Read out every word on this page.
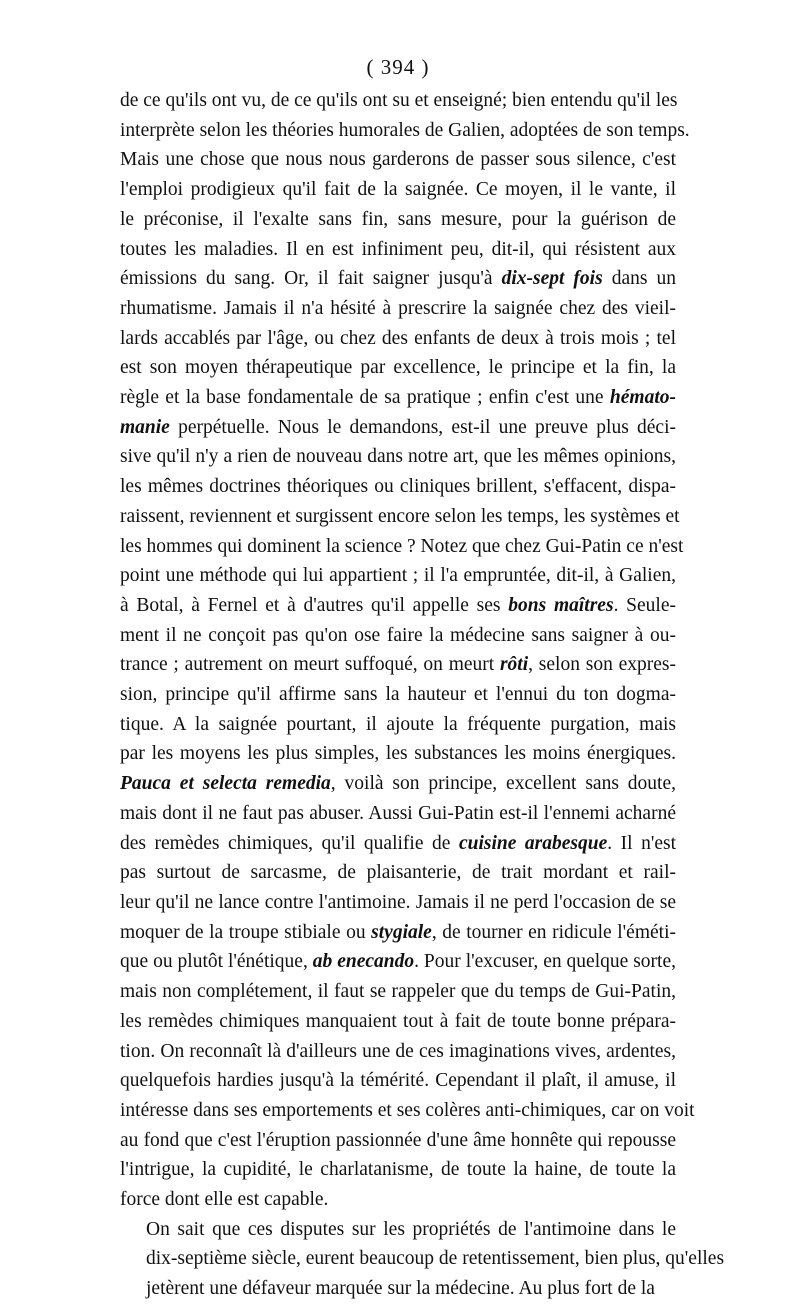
( 394 )
de ce qu'ils ont vu, de ce qu'ils ont su et enseigné; bien entendu qu'il les
interprète selon les théories humorales de Galien, adoptées de son temps.
Mais une chose que nous nous garderons de passer sous silence, c'est
l'emploi prodigieux qu'il fait de la saignée. Ce moyen, il le vante, il
le préconise, il l'exalte sans fin, sans mesure, pour la guérison de
toutes les maladies. Il en est infiniment peu, dit-il, qui résistent aux
émissions du sang. Or, il fait saigner jusqu'à dix-sept fois dans un
rhumatisme. Jamais il n'a hésité à prescrire la saignée chez des vieil-
lards accablés par l'âge, ou chez des enfants de deux à trois mois ; tel
est son moyen thérapeutique par excellence, le principe et la fin, la
règle et la base fondamentale de sa pratique ; enfin c'est une hémato-
manie perpétuelle. Nous le demandons, est-il une preuve plus déci-
sive qu'il n'y a rien de nouveau dans notre art, que les mêmes opinions,
les mêmes doctrines théoriques ou cliniques brillent, s'effacent, dispa-
raissent, reviennent et surgissent encore selon les temps, les systèmes et
les hommes qui dominent la science ? Notez que chez Gui-Patin ce n'est
point une méthode qui lui appartient ; il l'a empruntée, dit-il, à Galien,
à Botal, à Fernel et à d'autres qu'il appelle ses bons maîtres. Seule-
ment il ne conçoit pas qu'on ose faire la médecine sans saigner à ou-
trance ; autrement on meurt suffoqué, on meurt rôti, selon son expres-
sion, principe qu'il affirme sans la hauteur et l'ennui du ton dogma-
tique. A la saignée pourtant, il ajoute la fréquente purgation, mais
par les moyens les plus simples, les substances les moins énergiques.
Pauca et selecta remedia, voilà son principe, excellent sans doute,
mais dont il ne faut pas abuser. Aussi Gui-Patin est-il l'ennemi acharné
des remèdes chimiques, qu'il qualifie de cuisine arabesque. Il n'est
pas surtout de sarcasme, de plaisanterie, de trait mordant et rail-
leur qu'il ne lance contre l'antimoine. Jamais il ne perd l'occasion de se
moquer de la troupe stibiale ou stygiale, de tourner en ridicule l'éméti-
que ou plutôt l'énétique, ab enecando. Pour l'excuser, en quelque sorte,
mais non complétement, il faut se rappeler que du temps de Gui-Patin,
les remèdes chimiques manquaient tout à fait de toute bonne prépara-
tion. On reconnaît là d'ailleurs une de ces imaginations vives, ardentes,
quelquefois hardies jusqu'à la témérité. Cependant il plaît, il amuse, il
intéresse dans ses emportements et ses colères anti-chimiques, car on voit
au fond que c'est l'éruption passionnée d'une âme honnête qui repousse
l'intrigue, la cupidité, le charlatanisme, de toute la haine, de toute la
force dont elle est capable.
On sait que ces disputes sur les propriétés de l'antimoine dans le
dix-septième siècle, eurent beaucoup de retentissement, bien plus, qu'elles
jetèrent une défaveur marquée sur la médecine. Au plus fort de la
